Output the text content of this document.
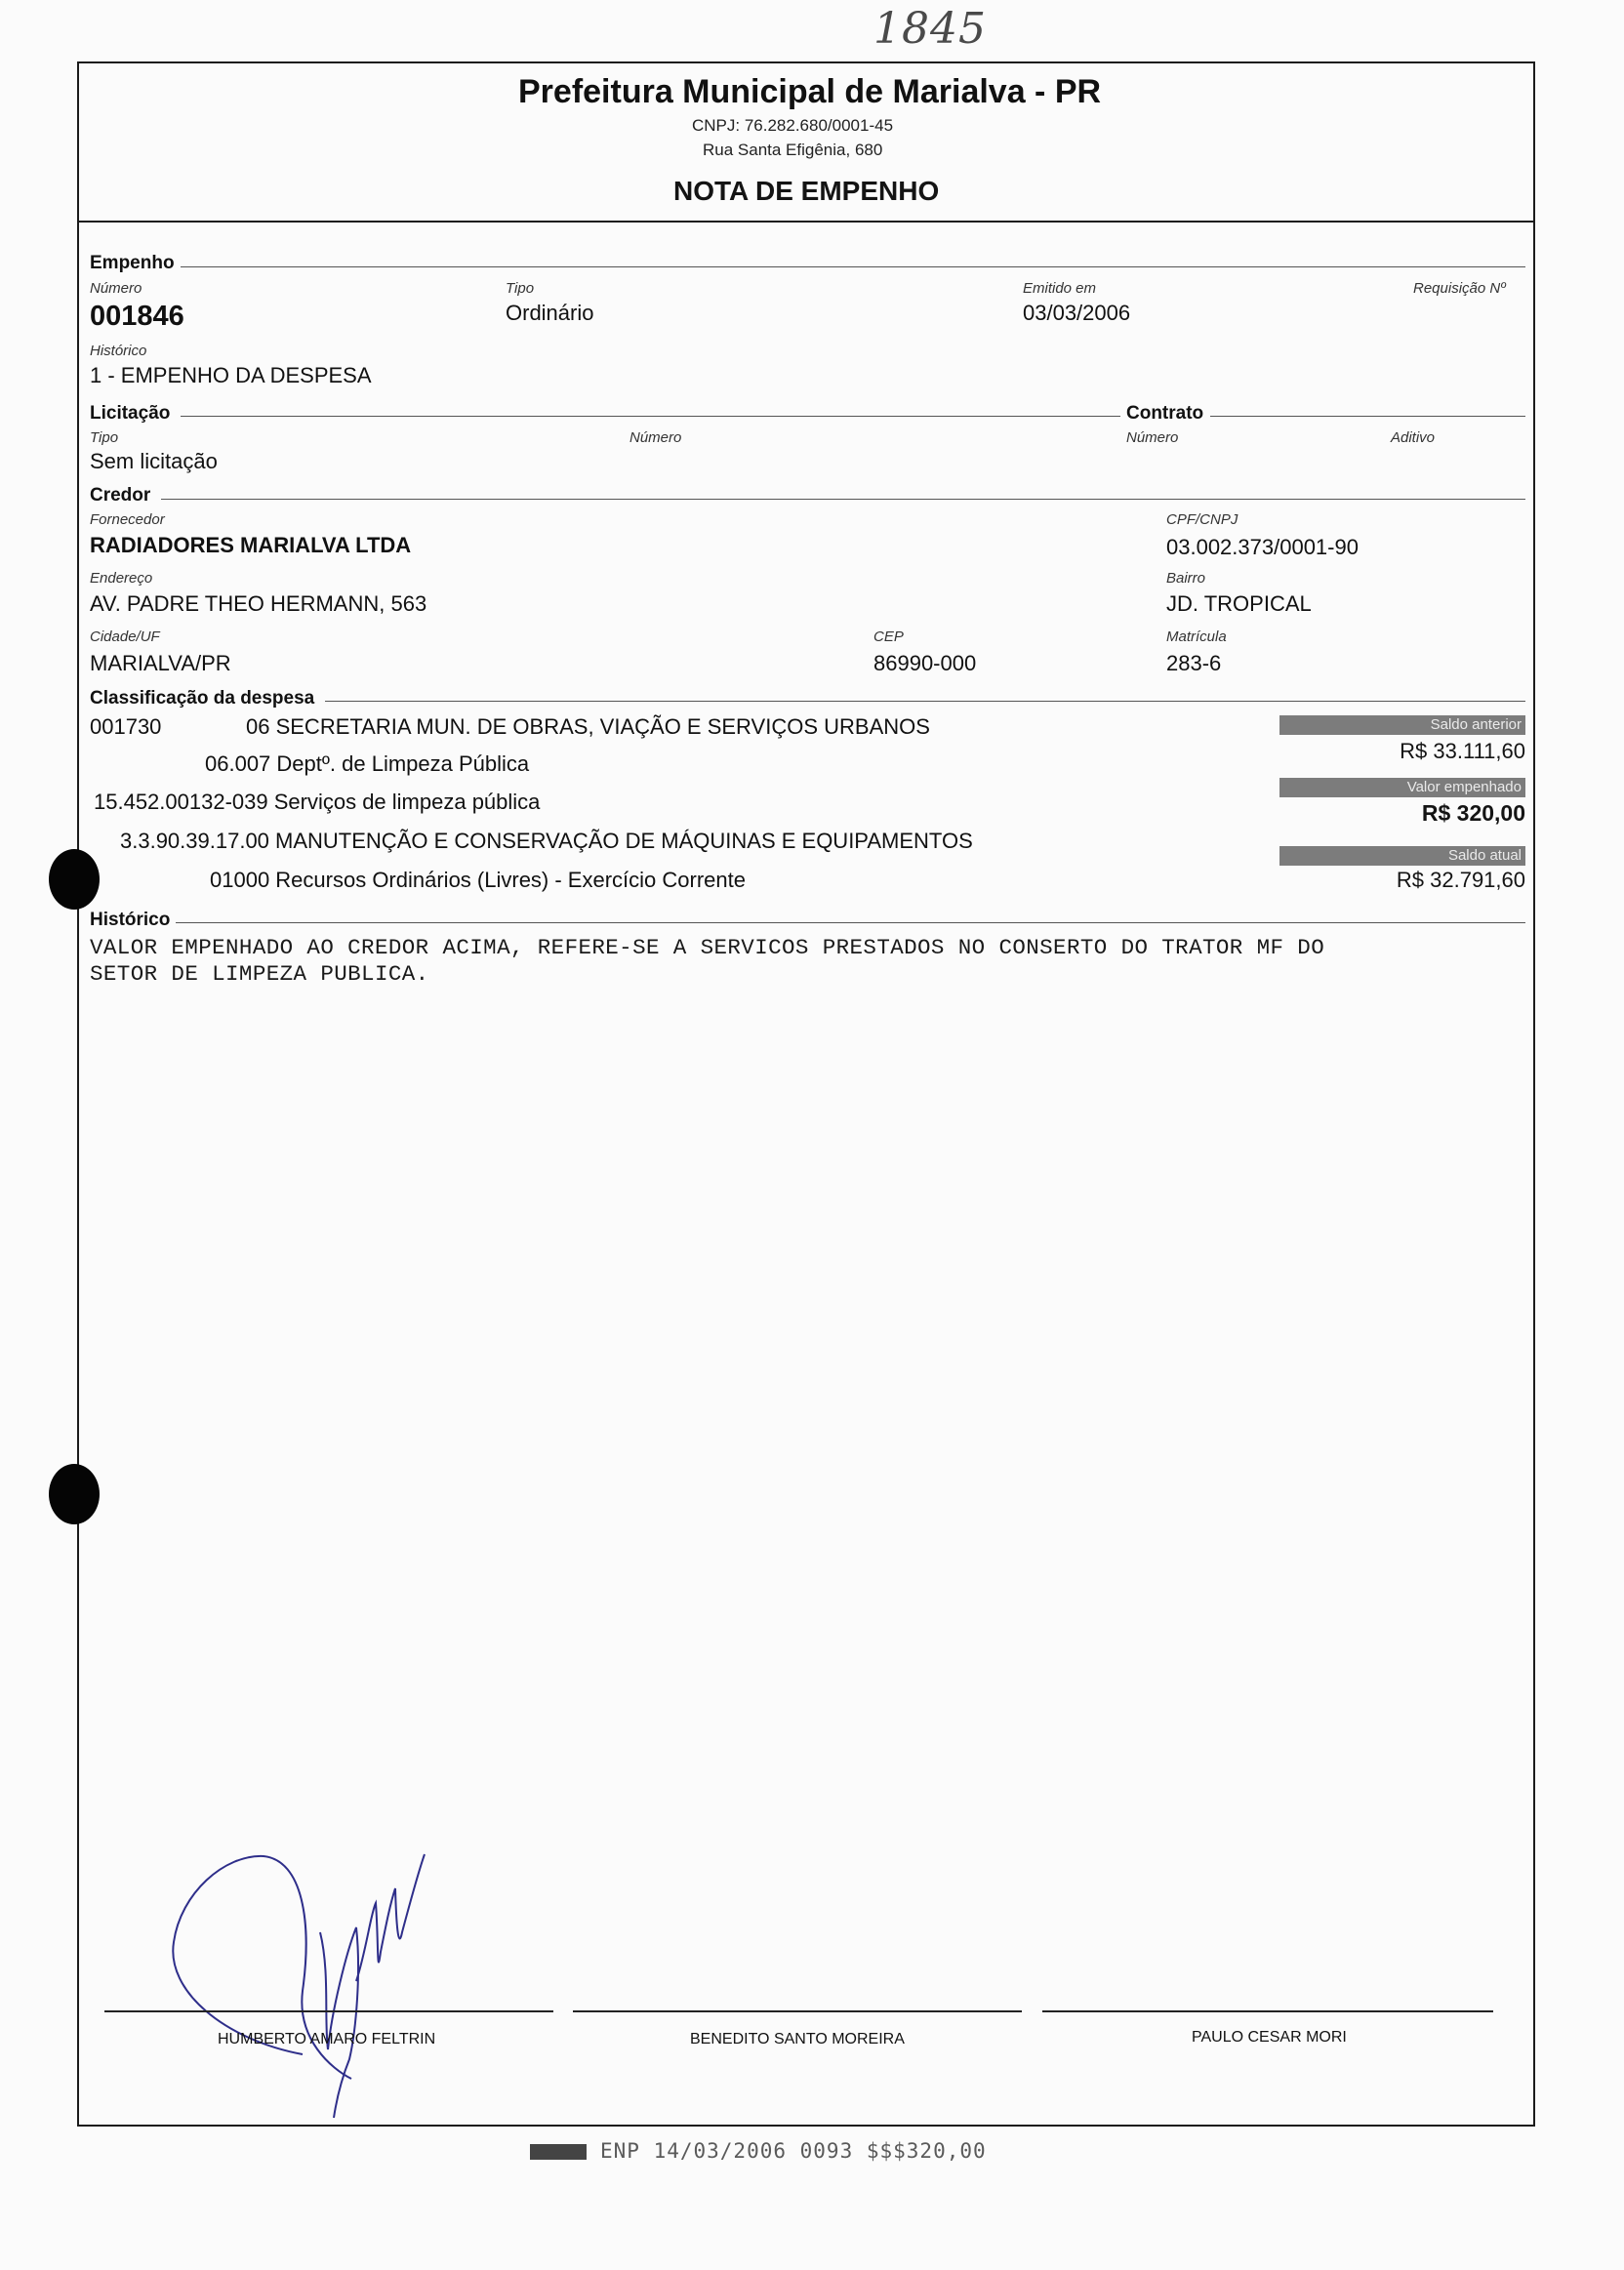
1845
Prefeitura Municipal de Marialva - PR
CNPJ: 76.282.680/0001-45
Rua Santa Efigênia, 680
NOTA DE EMPENHO
Empenho
Número
001846
Tipo
Ordinário
Emitido em
03/03/2006
Requisição Nº
Histórico
1 - EMPENHO DA DESPESA
Licitação	Contrato
Tipo
Sem licitação
Número	Número	Aditivo
Credor
Fornecedor
RADIADORES MARIALVA LTDA
CPF/CNPJ
03.002.373/0001-90
Endereço
AV. PADRE THEO HERMANN, 563
Bairro
JD. TROPICAL
Cidade/UF
MARIALVA/PR
CEP
86990-000
Matrícula
283-6
Classificação da despesa
001730	06 SECRETARIA MUN. DE OBRAS, VIAÇÃO E SERVIÇOS URBANOS
06.007 Deptº. de Limpeza Pública
15.452.00132-039 Serviços de limpeza pública
3.3.90.39.17.00 MANUTENÇÃO E CONSERVAÇÃO DE MÁQUINAS E EQUIPAMENTOS
01000 Recursos Ordinários (Livres) - Exercício Corrente
Saldo anterior
R$ 33.111,60
Valor empenhado
R$ 320,00
Saldo atual
R$ 32.791,60
Histórico
VALOR EMPENHADO AO CREDOR ACIMA, REFERE-SE A SERVICOS PRESTADOS NO CONSERTO DO TRATOR MF DO
SETOR DE LIMPEZA PUBLICA.
HUMBERTO AMARO FELTRIN	BENEDITO SANTO MOREIRA	PAULO CESAR MORI
ENP 14/03/2006 0093 $$$320,00
